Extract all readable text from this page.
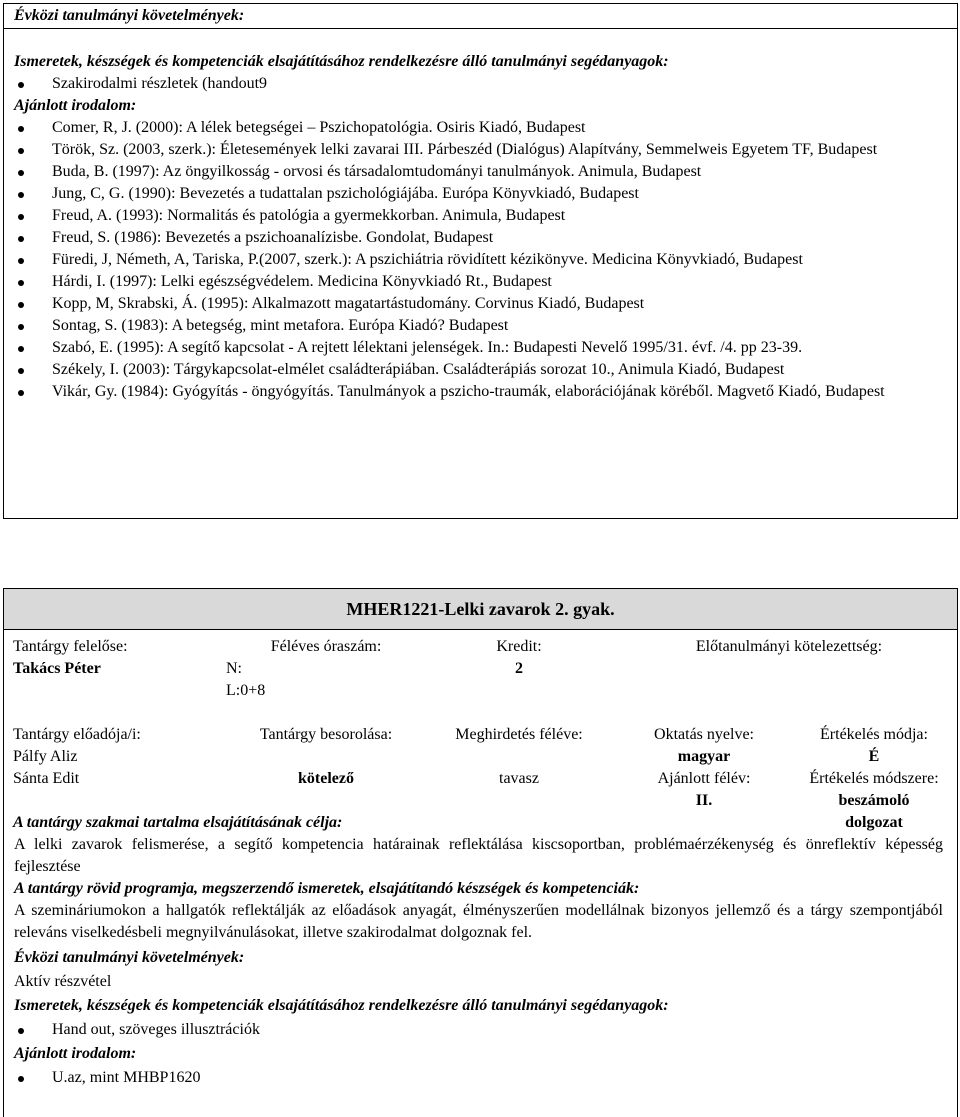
Évközi tanulmányi követelmények:
Ismeretek, készségek és kompetenciák elsajátításához rendelkezésre álló tanulmányi segédanyagok:
Szakirodalmi részletek (handout9
Ajánlott irodalom:
Comer, R, J. (2000): A lélek betegségei – Pszichopatológia. Osiris Kiadó, Budapest
Török, Sz. (2003, szerk.): Életesemények lelki zavarai III. Párbeszéd (Dialógus) Alapítvány, Semmelweis Egyetem TF, Budapest
Buda, B. (1997): Az öngyilkosság - orvosi és társadalomtudományi tanulmányok. Animula, Budapest
Jung, C, G. (1990): Bevezetés a tudattalan pszichológiájába. Európa Könyvkiadó, Budapest
Freud, A. (1993): Normalitás és patológia a gyermekkorban. Animula, Budapest
Freud, S. (1986): Bevezetés a pszichoanalízisbe. Gondolat, Budapest
Füredi, J, Németh, A, Tariska, P.(2007, szerk.): A pszichiátria rövidített kézikönyve. Medicina Könyvkiadó, Budapest
Hárdi, I. (1997): Lelki egészségvédelem. Medicina Könyvkiadó Rt., Budapest
Kopp, M, Skrabski, Á. (1995): Alkalmazott magatartástudomány. Corvinus Kiadó, Budapest
Sontag, S. (1983): A betegség, mint metafora. Európa Kiadó? Budapest
Szabó, E. (1995): A segítő kapcsolat - A rejtett lélektani jelenségek. In.: Budapesti Nevelő 1995/31. évf. /4. pp 23-39.
Székely, I. (2003): Tárgykapcsolat-elmélet családterápiában. Családterápiás sorozat 10., Animula Kiadó, Budapest
Vikár, Gy. (1984): Gyógyítás - öngyógyítás. Tanulmányok a pszicho-traumák, elaborációjának köréből. Magvető Kiadó, Budapest
MHER1221-Lelki zavarok 2. gyak.
Tantárgy felelőse:
Takács Péter
Féléves óraszám:
N:
L:0+8
Kredit:
2
Előtanulmányi kötelezettség:
Tantárgy előadója/i:
Pálfy Aliz
Sánta Edit
Tantárgy besorolása:
kötelező
Meghirdetés féléve:
tavasz
Oktatás nyelve:
magyar
Ajánlott félév:
II.
Értékelés módja:
É
Értékelés módszere:
beszámoló
dolgozat
A tantárgy szakmai tartalma elsajátításának célja:
A lelki zavarok felismerése, a segítő kompetencia határainak reflektálása kiscsoportban, problémaérzékenység és önreflektív képesség fejlesztése
A tantárgy rövid programja, megszerzendő ismeretek, elsajátítandó készségek és kompetenciák:
A szemináriumokon a hallgatók reflektálják az előadások anyagát, élményszerűen modellálnak bizonyos jellemző és a tárgy szempontjából releváns viselkedésbeli megnyilvánulásokat, illetve szakirodalmat dolgoznak fel.
Évközi tanulmányi követelmények:
Aktív részvétel
Ismeretek, készségek és kompetenciák elsajátításához rendelkezésre álló tanulmányi segédanyagok:
Hand out, szöveges illusztrációk
Ajánlott irodalom:
U.az, mint MHBP1620
